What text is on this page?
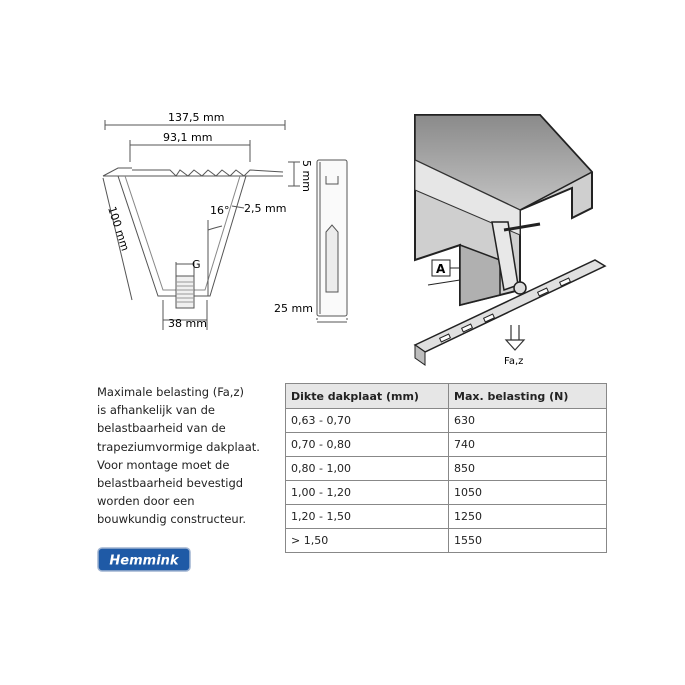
137,5 mm
93,1 mm
100 mm
5 mm
16° 2,5 mm
G
38 mm
25 mm
A
Fa,z
Maximale belasting (Fa,z)
is afhankelijk van de
belastbaarheid van de
trapeziumvormige dakplaat.
Voor montage moet de
belastbaarheid bevestigd
worden door een
bouwkundig constructeur.
Dikte dakplaat (mm)	Max. belasting (N)
0,63 - 0,70	630
0,70 - 0,80	740
0,80 - 1,00	850
1,00 - 1,20	1050
1,20 - 1,50	1250
> 1,50	1550
Hemmink
